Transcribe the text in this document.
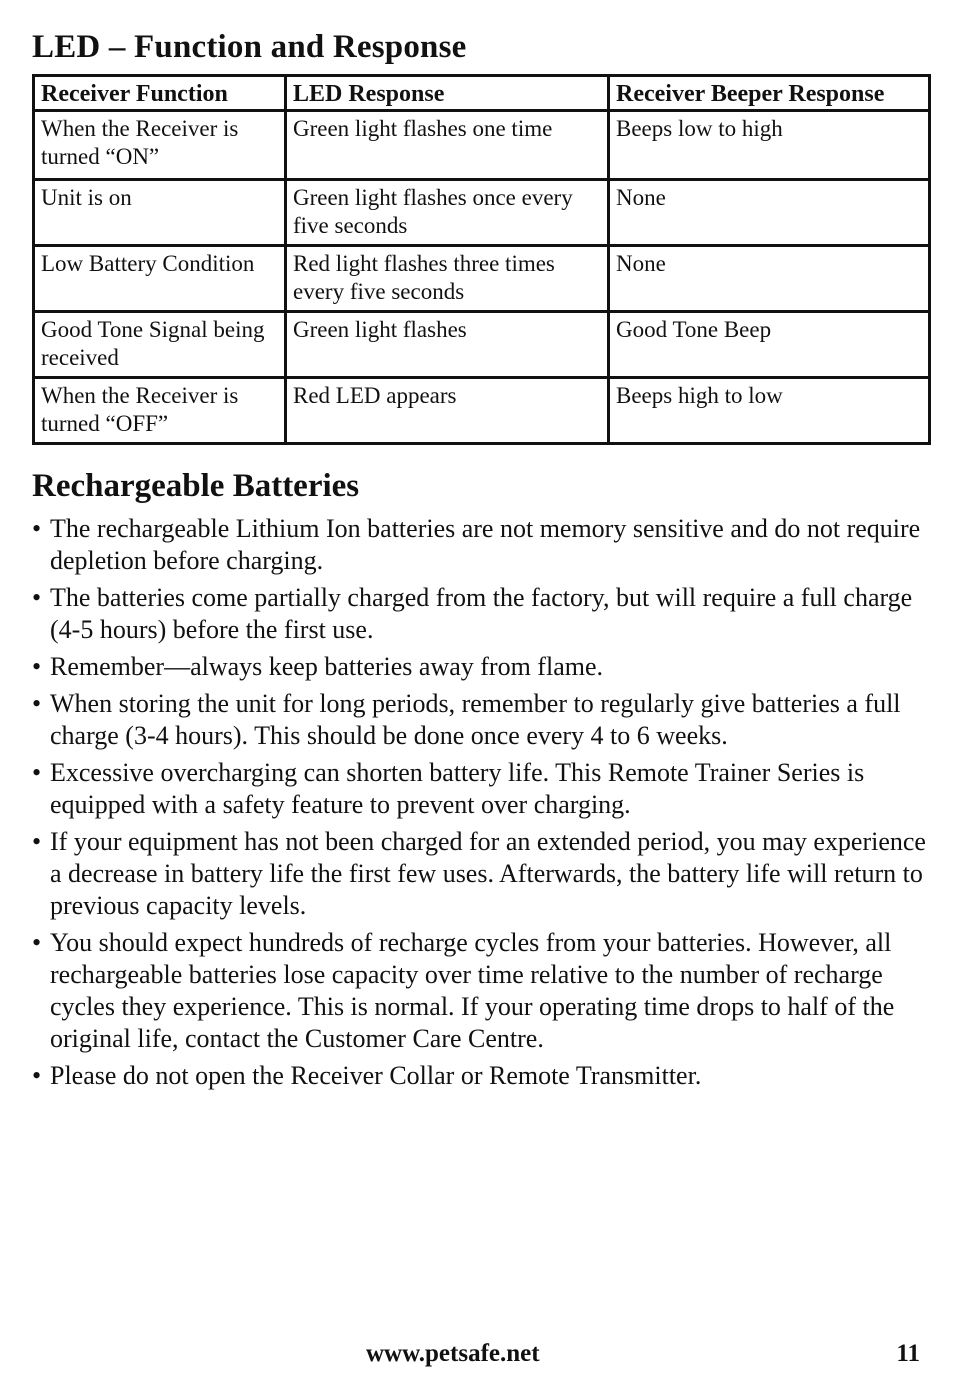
LED – Function and Response
Receiver Function	LED Response	Receiver Beeper Response
When the Receiver is turned “ON”	Green light flashes one time	Beeps low to high
Unit is on	Green light flashes once every five seconds	None
Low Battery Condition	Red light flashes three times every five seconds	None
Good Tone Signal being received	Green light flashes	Good Tone Beep
When the Receiver is turned “OFF”	Red LED appears	Beeps high to low
Rechargeable Batteries
• The rechargeable Lithium Ion batteries are not memory sensitive and do not require depletion before charging.
• The batteries come partially charged from the factory, but will require a full charge (4-5 hours) before the first use.
• Remember—always keep batteries away from flame.
• When storing the unit for long periods, remember to regularly give batteries a full charge (3-4 hours). This should be done once every 4 to 6 weeks.
• Excessive overcharging can shorten battery life. This Remote Trainer Series is equipped with a safety feature to prevent over charging.
• If your equipment has not been charged for an extended period, you may experience a decrease in battery life the first few uses. Afterwards, the battery life will return to previous capacity levels.
• You should expect hundreds of recharge cycles from your batteries. However, all rechargeable batteries lose capacity over time relative to the number of recharge cycles they experience. This is normal. If your operating time drops to half of the original life, contact the Customer Care Centre.
• Please do not open the Receiver Collar or Remote Transmitter.
www.petsafe.net	11
